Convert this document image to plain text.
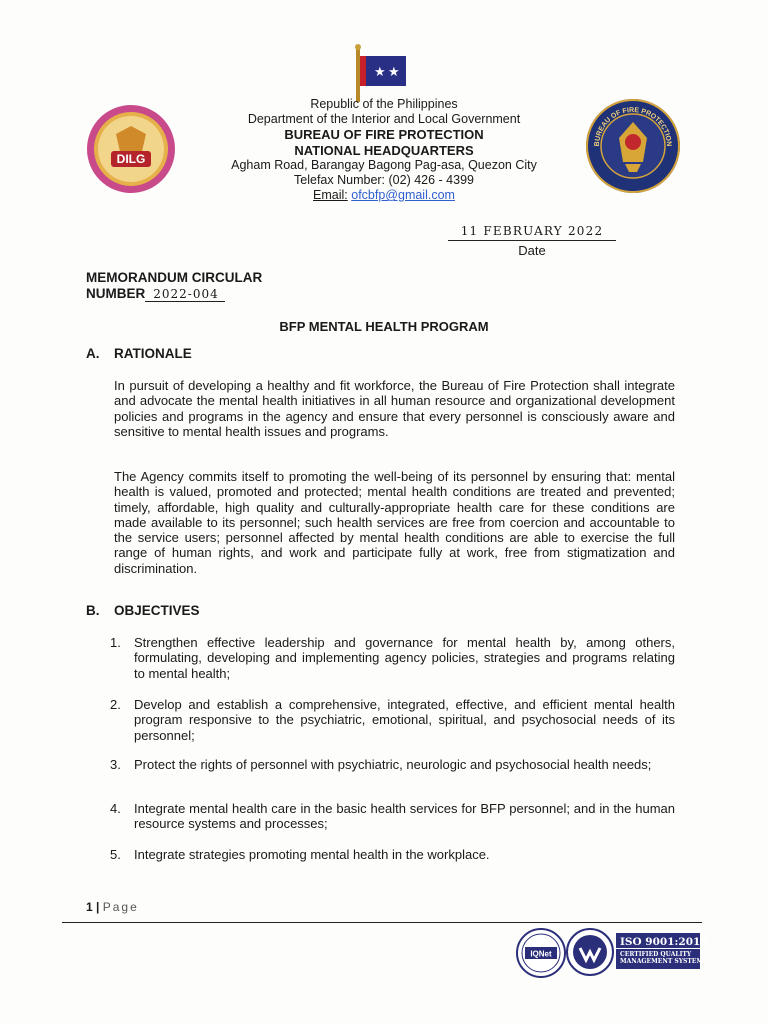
★ ★
DILG
BUREAU OF FIRE PROTECTION
Republic of the Philippines
Department of the Interior and Local Government
BUREAU OF FIRE PROTECTION
NATIONAL HEADQUARTERS
Agham Road, Barangay Bagong Pag-asa, Quezon City
Telefax Number: (02) 426 - 4399
Email: ofcbfp@gmail.com
11 FEBRUARY 2022
Date
MEMORANDUM CIRCULAR
NUMBER 2022-004
BFP MENTAL HEALTH PROGRAM
A. RATIONALE
In pursuit of developing a healthy and fit workforce, the Bureau of Fire Protection shall integrate and advocate the mental health initiatives in all human resource and organizational development policies and programs in the agency and ensure that every personnel is consciously aware and sensitive to mental health issues and programs.
The Agency commits itself to promoting the well-being of its personnel by ensuring that: mental health is valued, promoted and protected; mental health conditions are treated and prevented; timely, affordable, high quality and culturally-appropriate health care for these conditions are made available to its personnel; such health services are free from coercion and accountable to the service users; personnel affected by mental health conditions are able to exercise the full range of human rights, and work and participate fully at work, free from stigmatization and discrimination.
B. OBJECTIVES
1.	Strengthen effective leadership and governance for mental health by, among others, formulating, developing and implementing agency policies, strategies and programs relating to mental health;
2.	Develop and establish a comprehensive, integrated, effective, and efficient mental health program responsive to the psychiatric, emotional, spiritual, and psychosocial needs of its personnel;
3.	Protect the rights of personnel with psychiatric, neurologic and psychosocial health needs;
4.	Integrate mental health care in the basic health services for BFP personnel; and in the human resource systems and processes;
5.	Integrate strategies promoting mental health in the workplace.
1 | Page
IQNet
ISO 9001:2015
CERTIFIED QUALITY
MANAGEMENT SYSTEM
